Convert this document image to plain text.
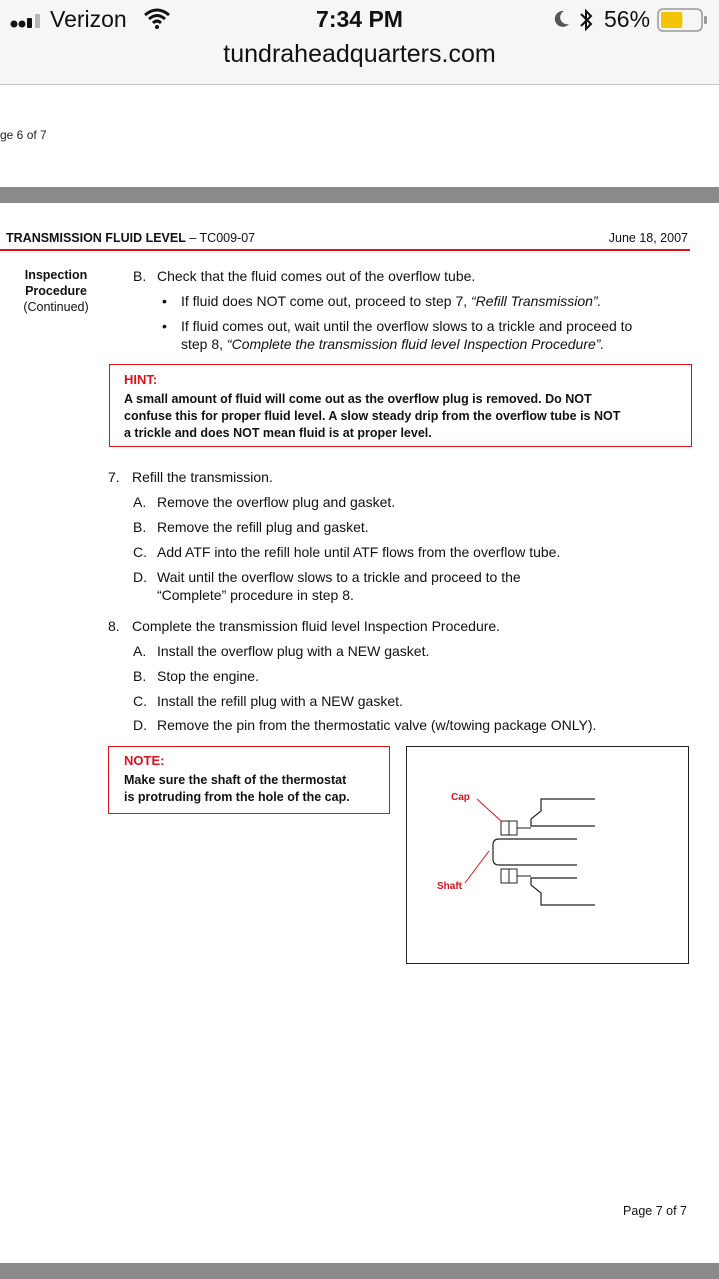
Verizon	7:34 PM	56%
tundraheadquarters.com
ge 6 of 7
TRANSMISSION FLUID LEVEL – TC009-07	June 18, 2007
Inspection
Procedure
(Continued)
B. Check that the fluid comes out of the overflow tube.
• If fluid does NOT come out, proceed to step 7, “Refill Transmission”.
• If fluid comes out, wait until the overflow slows to a trickle and proceed to
step 8, “Complete the transmission fluid level Inspection Procedure”.
HINT:
A small amount of fluid will come out as the overflow plug is removed. Do NOT
confuse this for proper fluid level. A slow steady drip from the overflow tube is NOT
a trickle and does NOT mean fluid is at proper level.
7. Refill the transmission.
A. Remove the overflow plug and gasket.
B. Remove the refill plug and gasket.
C. Add ATF into the refill hole until ATF flows from the overflow tube.
D. Wait until the overflow slows to a trickle and proceed to the
“Complete” procedure in step 8.
8. Complete the transmission fluid level Inspection Procedure.
A. Install the overflow plug with a NEW gasket.
B. Stop the engine.
C. Install the refill plug with a NEW gasket.
D. Remove the pin from the thermostatic valve (w/towing package ONLY).
NOTE:
Make sure the shaft of the thermostat
is protruding from the hole of the cap.	Cap
Shaft
Page 7 of 7
